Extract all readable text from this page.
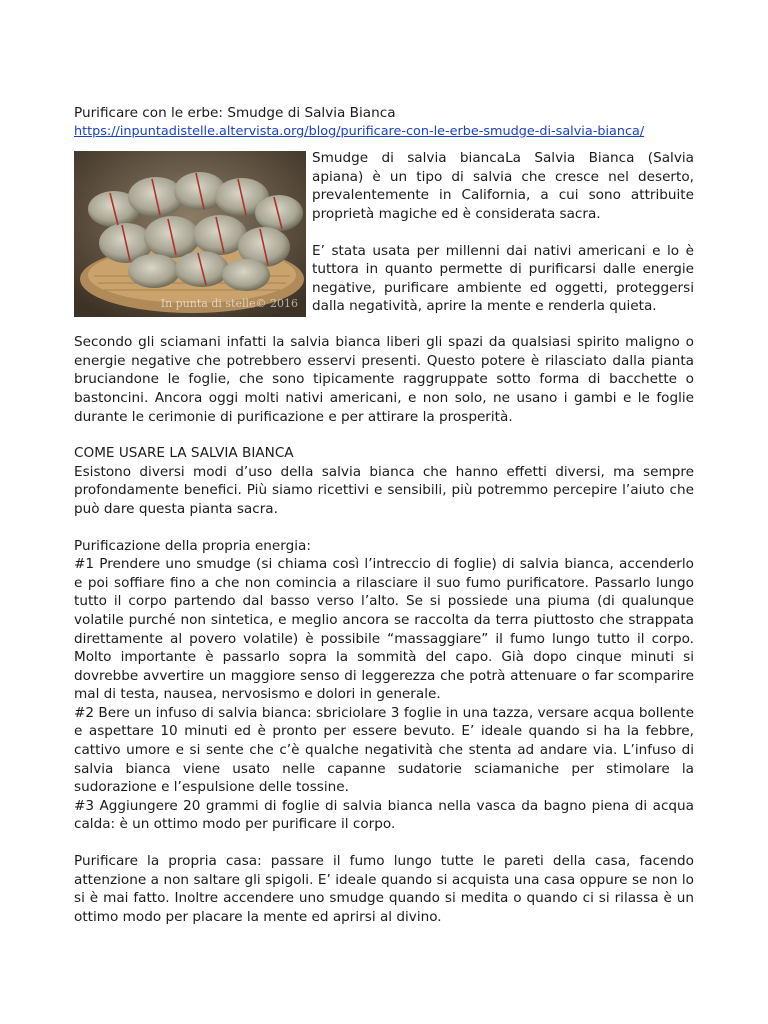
Purificare con le erbe: Smudge di Salvia Bianca
https://inpuntadistelle.altervista.org/blog/purificare-con-le-erbe-smudge-di-salvia-bianca/
In punta di stelle© 2016

Smudge di salvia biancaLa Salvia Bianca (Salvia apiana) è un tipo di salvia che cresce nel deserto, prevalentemente in California, a cui sono attribuite proprietà magiche ed è considerata sacra.

E’ stata usata per millenni dai nativi americani e lo è tuttora in quanto permette di purificarsi dalle energie negative, purificare ambiente ed oggetti, proteggersi dalla negatività, aprire la mente e renderla quieta.

Secondo gli sciamani infatti la salvia bianca liberi gli spazi da qualsiasi spirito maligno o energie negative che potrebbero esservi presenti. Questo potere è rilasciato dalla pianta bruciandone le foglie, che sono tipicamente raggruppate sotto forma di bacchette o bastoncini. Ancora oggi molti nativi americani, e non solo, ne usano i gambi e le foglie durante le cerimonie di purificazione e per attirare la prosperità.

COME USARE LA SALVIA BIANCA

Esistono diversi modi d’uso della salvia bianca che hanno effetti diversi, ma sempre profondamente benefici. Più siamo ricettivi e sensibili, più potremmo percepire l’aiuto che può dare questa pianta sacra.

Purificazione della propria energia:

#1 Prendere uno smudge (si chiama così l’intreccio di foglie) di salvia bianca, accenderlo e poi soffiare fino a che non comincia a rilasciare il suo fumo purificatore. Passarlo lungo tutto il corpo partendo dal basso verso l’alto. Se si possiede una piuma (di qualunque volatile purché non sintetica, e meglio ancora se raccolta da terra piuttosto che strappata direttamente al povero volatile) è possibile “massaggiare” il fumo lungo tutto il corpo. Molto importante è passarlo sopra la sommità del capo. Già dopo cinque minuti si dovrebbe avvertire un maggiore senso di leggerezza che potrà attenuare o far scomparire mal di testa, nausea, nervosismo e dolori in generale.

#2 Bere un infuso di salvia bianca: sbriciolare 3 foglie in una tazza, versare acqua bollente e aspettare 10 minuti ed è pronto per essere bevuto. E’ ideale quando si ha la febbre, cattivo umore e si sente che c’è qualche negatività che stenta ad andare via. L’infuso di salvia bianca viene usato nelle capanne sudatorie sciamaniche per stimolare la sudorazione e l’espulsione delle tossine.

#3 Aggiungere 20 grammi di foglie di salvia bianca nella vasca da bagno piena di acqua calda: è un ottimo modo per purificare il corpo.

Purificare la propria casa: passare il fumo lungo tutte le pareti della casa, facendo attenzione a non saltare gli spigoli. E’ ideale quando si acquista una casa oppure se non lo si è mai fatto. Inoltre accendere uno smudge quando si medita o quando ci si rilassa è un ottimo modo per placare la mente ed aprirsi al divino.
